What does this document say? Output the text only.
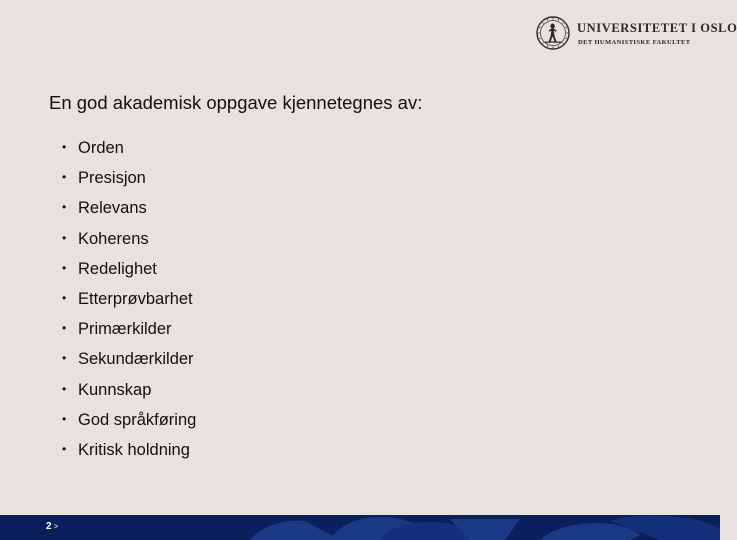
UNIVERSITETET I OSLO
DET HUMANISTISKE FAKULTET
En god akademisk oppgave kjennetegnes av:
• Orden
• Presisjon
• Relevans
• Koherens
• Redelighet
• Etterprøvbarhet
• Primærkilder
• Sekundærkilder
• Kunnskap
• God språkføring
• Kritisk holdning
2 >
